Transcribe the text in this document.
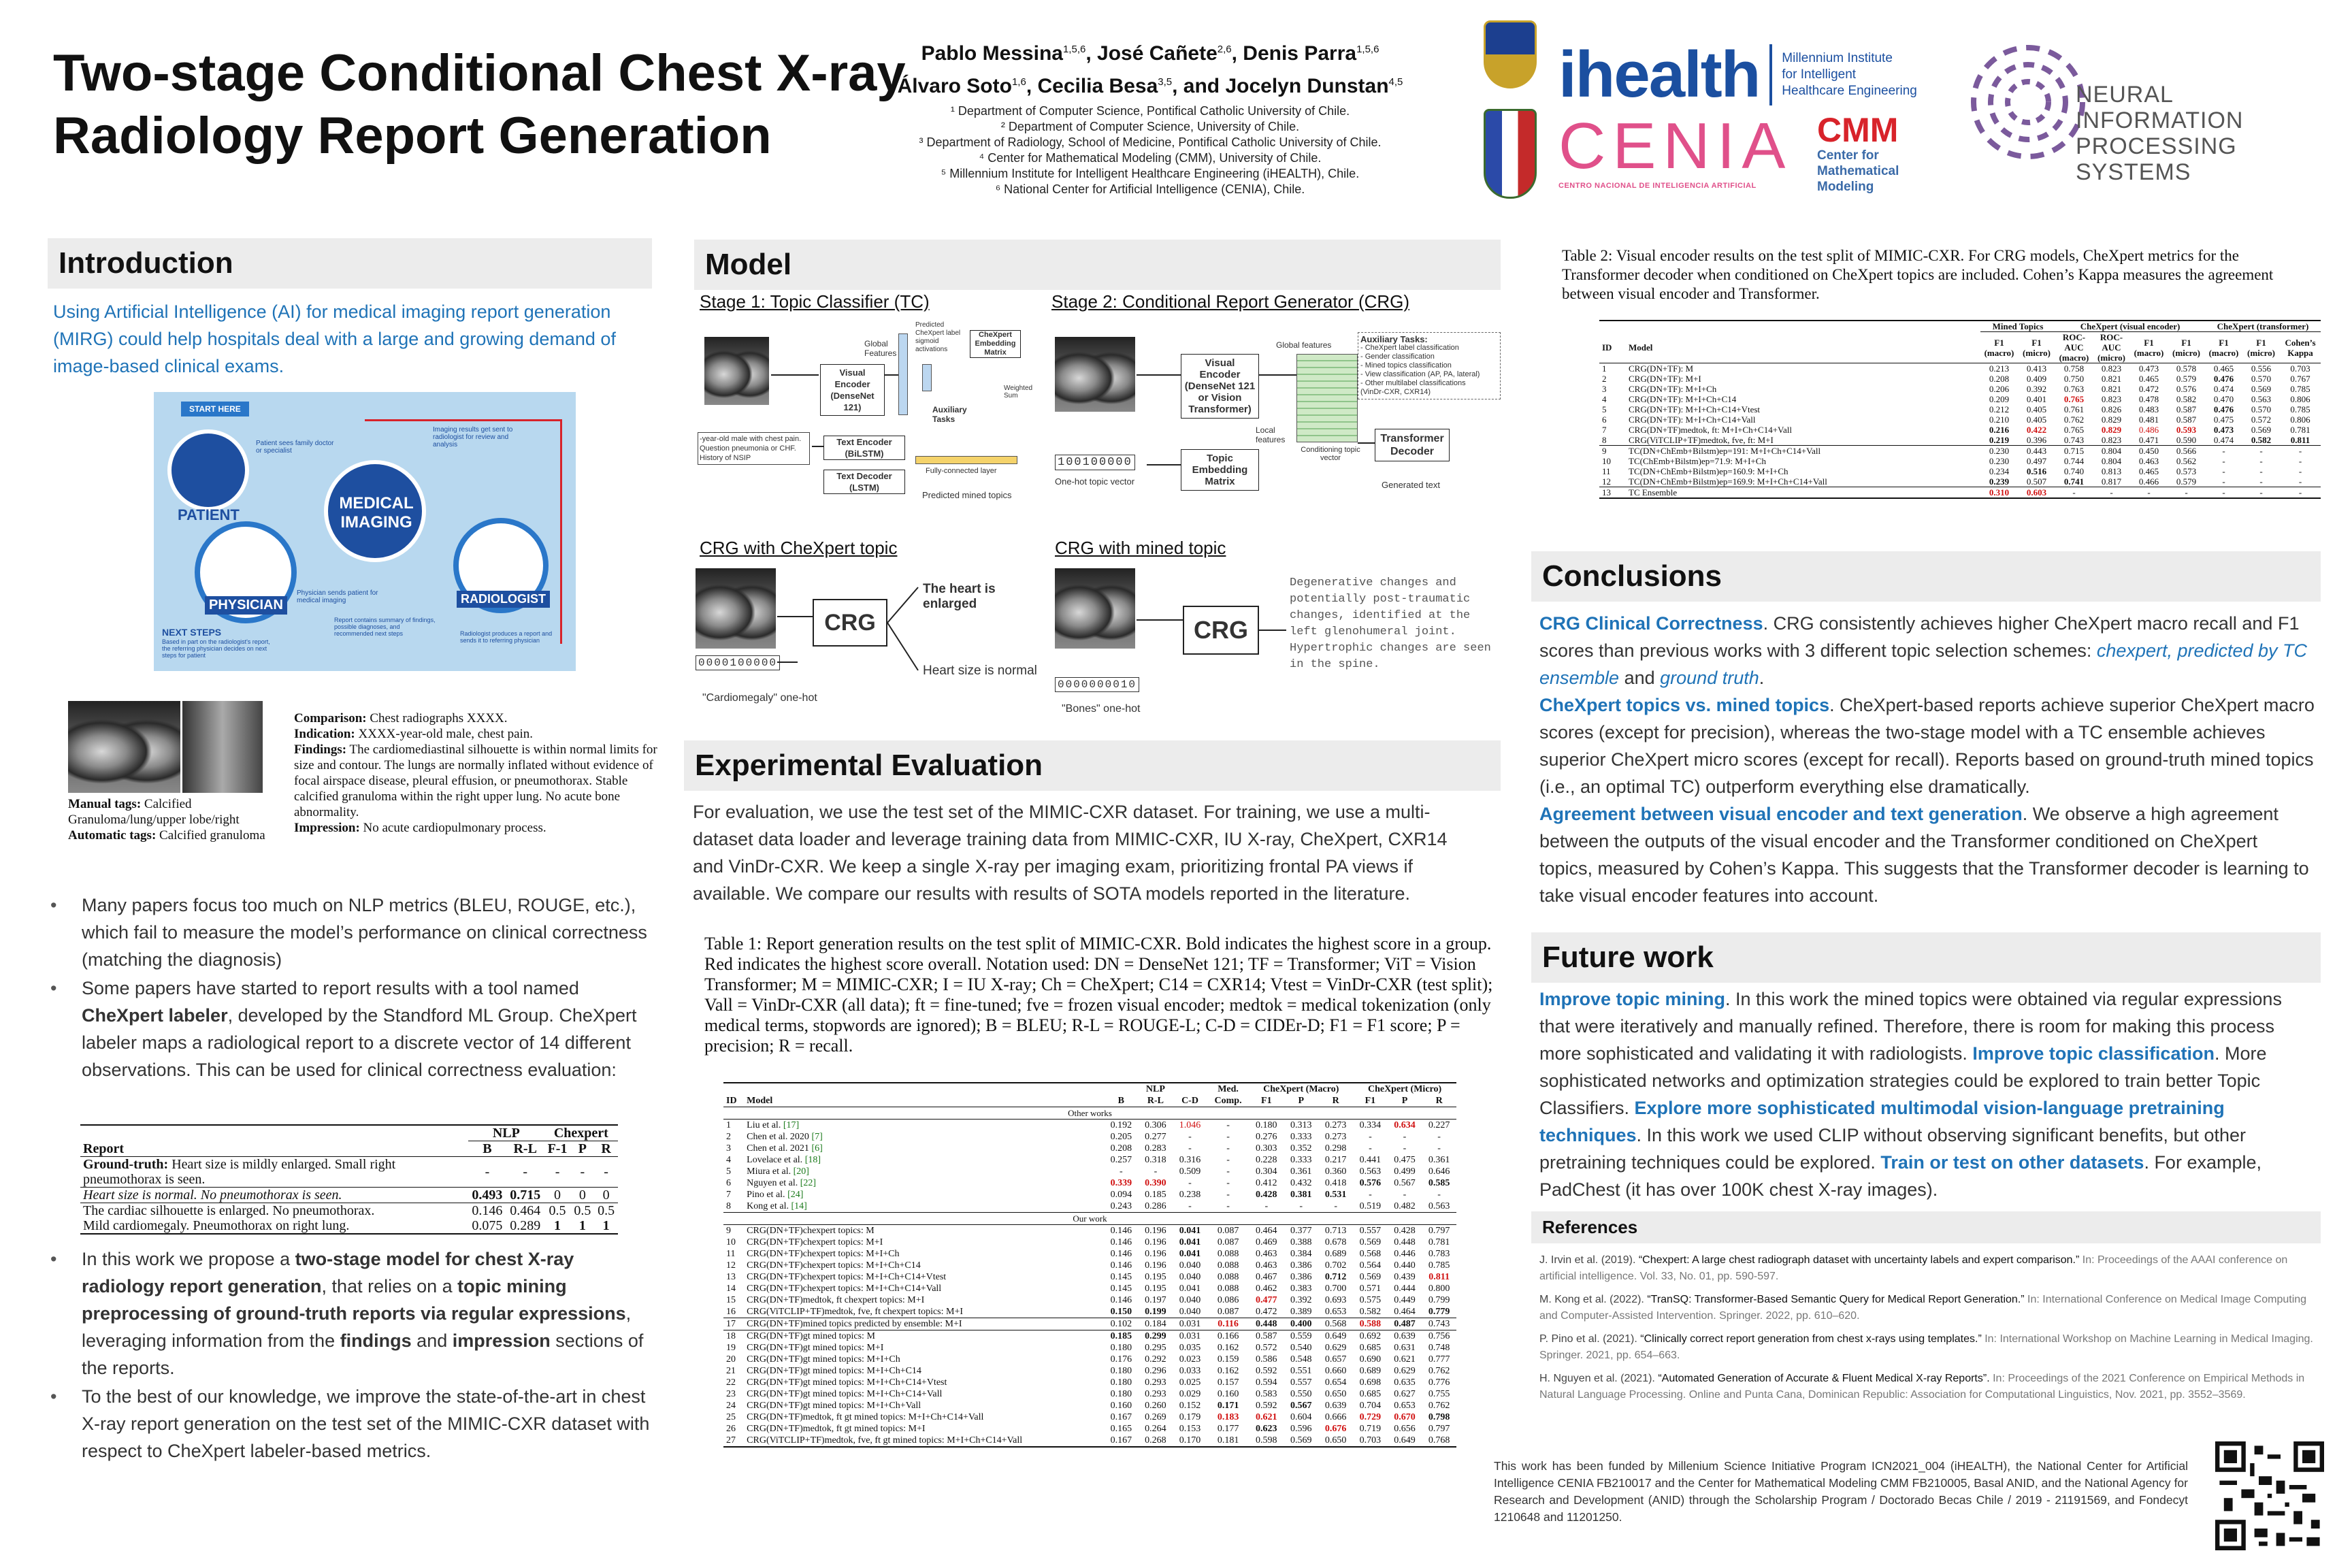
Two-stage Conditional Chest X-ray
Radiology Report Generation
Pablo Messina$^{1,5,6}$, José Cañete$^{2,6}$, Denis Parra$^{1,5,6}$
Álvaro Soto$^{1,6}$, Cecilia Besa$^{3,5}$, and Jocelyn Dunstan$^{4,5}$
¹ Department of Computer Science, Pontifical Catholic University of Chile.
² Department of Computer Science, University of Chile.
³ Department of Radiology, School of Medicine, Pontifical Catholic University of Chile.
⁴ Center for Mathematical Modeling (CMM), University of Chile.
⁵ Millennium Institute for Intelligent Healthcare Engineering (iHEALTH), Chile.
⁶ National Center for Artificial Intelligence (CENIA), Chile.
ihealth Millennium Institute
for Intelligent
Healthcare Engineering
CENIA
CENTRO NACIONAL DE INTELIGENCIA ARTIFICIAL
CMM
Center for
Mathematical
Modeling
NEURAL INFORMATION
PROCESSING SYSTEMS
Introduction
Using Artificial Intelligence (AI) for medical imaging report generation (MIRG) could help hospitals deal with a large and growing demand of image-based clinical exams.
START HERE
PATIENT
Patient sees family doctor or specialist
PHYSICIAN
Physician sends patient for medical imaging
NEXT STEPS
Based in part on the radiologist's report, the referring physician decides on next steps for patient
MEDICAL
IMAGING
Imaging results get sent to radiologist for review and analysis
RADIOLOGIST
Report contains summary of findings, possible diagnoses, and recommended next steps	Radiologist produces a report and sends it to referring physician
Manual tags: Calcified Granuloma/lung/upper lobe/right
Automatic tags: Calcified granuloma
Comparison: Chest radiographs XXXX.
Indication: XXXX-year-old male, chest pain.
Findings: The cardiomediastinal silhouette is within normal limits for size and contour. The lungs are normally inflated without evidence of focal airspace disease, pleural effusion, or pneumothorax. Stable calcified granuloma within the right upper lung. No acute bone abnormality.
Impression: No acute cardiopulmonary process.
• Many papers focus too much on NLP metrics (BLEU, ROUGE, etc.), which fail to measure the model’s performance on clinical correctness (matching the diagnosis)
• Some papers have started to report results with a tool named CheXpert labeler, developed by the Standford ML Group. CheXpert labeler maps a radiological report to a discrete vector of 14 different observations. This can be used for clinical correctness evaluation:
	NLP		Chexpert		
Report	B	R-L	F-1	P	R
Ground-truth: Heart size is mildly enlarged. Small right pneumothorax is seen.	-	-	-	-	-
Heart size is normal. No pneumothorax is seen.	0.493	0.715	0	0	0
The cardiac silhouette is enlarged. No pneumothorax.	0.146	0.464	0.5	0.5	0.5
Mild cardiomegaly. Pneumothorax on right lung.	0.075	0.289	1	1	1
• In this work we propose a two-stage model for chest X-ray radiology report generation, that relies on a topic mining preprocessing of ground-truth reports via regular expressions, leveraging information from the findings and impression sections of the reports.
• To the best of our knowledge, we improve the state-of-the-art in chest X-ray report generation on the test set of the MIMIC-CXR dataset with respect to CheXpert labeler-based metrics.
Model
Stage 1: Topic Classifier (TC)	Stage 2: Conditional Report Generator (CRG)
Visual Encoder (DenseNet 121)
Global Features
Predicted CheXpert label sigmoid activations
CheXpert Embedding Matrix
Weighted Sum
Auxiliary Tasks
-year-old male with chest pain. Question pneumonia or CHF. History of NSIP
Text Encoder (BiLSTM)
Text Decoder (LSTM)
Fully-connected layer
Predicted mined topics
Visual Encoder (DenseNet 121 or Vision Transformer)
Global features
Local features
Conditioning topic vector
Auxiliary Tasks:
- CheXpert label classification
- Gender classification
- Mined topics classification
- View classification (AP, PA, lateral)
- Other multilabel classifications
(VinDr-CXR, CXR14)
Transformer Decoder
Generated text
Topic Embedding Matrix
100100000
One-hot topic vector
CRG with CheXpert topic	CRG with mined topic
0000100000
"Cardiomegaly" one-hot
CRG
The heart is enlarged
Heart size is normal
0000000010
"Bones" one-hot
CRG
Degenerative changes and potentially post-traumatic changes, identified at the left glenohumeral joint. Hypertrophic changes are seen in the spine.
Experimental Evaluation
For evaluation, we use the test set of the MIMIC-CXR dataset. For training, we use a multi-dataset data loader and leverage training data from MIMIC-CXR, IU X-ray, CheXpert, CXR14 and VinDr-CXR. We keep a single X-ray per imaging exam, prioritizing frontal PA views if available. We compare our results with results of SOTA models reported in the literature.
Table 1: Report generation results on the test split of MIMIC-CXR. Bold indicates the highest score in a group. Red indicates the highest score overall. Notation used: DN = DenseNet 121; TF = Transformer; ViT = Vision Transformer; M = MIMIC-CXR; I = IU X-ray; Ch = CheXpert; C14 = CXR14; Vtest = VinDr-CXR (test split); Vall = VinDr-CXR (all data); ft = fine-tuned; fve = frozen visual encoder; medtok = medical tokenization (only medical terms, stopwords are ignored); B = BLEU; R-L = ROUGE-L; C-D = CIDEr-D; F1 = F1 score; P = precision; R = recall.
		NLP			Med.	CheXpert (Macro)			CheXpert (Micro)		
ID	Model	B	R-L	C-D	Comp.	F1	P	R	F1	P	R
Other works											
1	Liu et al. [17]	0.192	0.306	1.046	-	0.180	0.313	0.273	0.334	0.634	0.227
2	Chen et al. 2020 [7]	0.205	0.277	-	-	0.276	0.333	0.273	-	-	-
3	Chen et al. 2021 [6]	0.208	0.283	-	-	0.303	0.352	0.298	-	-	-
4	Lovelace et al. [18]	0.257	0.318	0.316	-	0.228	0.333	0.217	0.441	0.475	0.361
5	Miura et al. [20]	-	-	0.509	-	0.304	0.361	0.360	0.563	0.499	0.646
6	Nguyen et al. [22]	0.339	0.390	-	-	0.412	0.432	0.418	0.576	0.567	0.585
7	Pino et al. [24]	0.094	0.185	0.238	-	0.428	0.381	0.531	-	-	-
8	Kong et al. [14]	0.243	0.286	-	-	-	-	-	0.519	0.482	0.563
Our work											
9	CRG(DN+TF)chexpert topics: M	0.146	0.196	0.041	0.087	0.464	0.377	0.713	0.557	0.428	0.797
10	CRG(DN+TF)chexpert topics: M+I	0.146	0.196	0.041	0.087	0.469	0.388	0.678	0.569	0.448	0.781
11	CRG(DN+TF)chexpert topics: M+I+Ch	0.146	0.196	0.041	0.088	0.463	0.384	0.689	0.568	0.446	0.783
12	CRG(DN+TF)chexpert topics: M+I+Ch+C14	0.146	0.196	0.040	0.088	0.463	0.386	0.702	0.564	0.440	0.785
13	CRG(DN+TF)chexpert topics: M+I+Ch+C14+Vtest	0.145	0.195	0.040	0.088	0.467	0.386	0.712	0.569	0.439	0.811
14	CRG(DN+TF)chexpert topics: M+I+Ch+C14+Vall	0.145	0.195	0.041	0.088	0.462	0.383	0.700	0.571	0.444	0.800
15	CRG(DN+TF)medtok, ft chexpert topics: M+I	0.146	0.197	0.040	0.086	0.477	0.392	0.693	0.575	0.449	0.799
16	CRG(ViTCLIP+TF)medtok, fve, ft chexpert topics: M+I	0.150	0.199	0.040	0.087	0.472	0.389	0.653	0.582	0.464	0.779
17	CRG(DN+TF)mined topics predicted by ensemble: M+I	0.102	0.184	0.031	0.116	0.448	0.400	0.568	0.588	0.487	0.743
18	CRG(DN+TF)gt mined topics: M	0.185	0.299	0.031	0.166	0.587	0.559	0.649	0.692	0.639	0.756
19	CRG(DN+TF)gt mined topics: M+I	0.180	0.295	0.035	0.162	0.572	0.540	0.629	0.685	0.631	0.748
20	CRG(DN+TF)gt mined topics: M+I+Ch	0.176	0.292	0.023	0.159	0.586	0.548	0.657	0.690	0.621	0.777
21	CRG(DN+TF)gt mined topics: M+I+Ch+C14	0.180	0.296	0.033	0.162	0.592	0.551	0.660	0.689	0.629	0.762
22	CRG(DN+TF)gt mined topics: M+I+Ch+C14+Vtest	0.180	0.293	0.025	0.157	0.594	0.557	0.654	0.698	0.635	0.776
23	CRG(DN+TF)gt mined topics: M+I+Ch+C14+Vall	0.180	0.293	0.029	0.160	0.583	0.550	0.650	0.685	0.627	0.755
24	CRG(DN+TF)gt mined topics: M+I+Ch+Vall	0.160	0.260	0.152	0.171	0.592	0.567	0.639	0.704	0.653	0.762
25	CRG(DN+TF)medtok, ft gt mined topics: M+I+Ch+C14+Vall	0.167	0.269	0.179	0.183	0.621	0.604	0.666	0.729	0.670	0.798
26	CRG(DN+TF)medtok, ft gt mined topics: M+I	0.165	0.264	0.153	0.177	0.623	0.596	0.676	0.719	0.656	0.797
27	CRG(ViTCLIP+TF)medtok, fve, ft gt mined topics: M+I+Ch+C14+Vall	0.167	0.268	0.170	0.181	0.598	0.569	0.650	0.703	0.649	0.768
Table 2: Visual encoder results on the test split of MIMIC-CXR. For CRG models, CheXpert metrics for the Transformer decoder when conditioned on CheXpert topics are included. Cohen’s Kappa measures the agreement between visual encoder and Transformer.
		Mined Topics		CheXpert (visual encoder)				CheXpert (transformer)		
ID	Model	F1 (macro)	F1 (micro)	ROC-AUC (macro)	ROC-AUC (micro)	F1 (macro)	F1 (micro)	F1 (macro)	F1 (micro)	Cohen’s Kappa
1	CRG(DN+TF): M	0.213	0.413	0.758	0.823	0.473	0.578	0.465	0.556	0.703
2	CRG(DN+TF): M+I	0.208	0.409	0.750	0.821	0.465	0.579	0.476	0.570	0.767
3	CRG(DN+TF): M+I+Ch	0.206	0.392	0.763	0.821	0.472	0.576	0.474	0.569	0.785
4	CRG(DN+TF): M+I+Ch+C14	0.209	0.401	0.765	0.823	0.478	0.582	0.470	0.563	0.806
5	CRG(DN+TF): M+I+Ch+C14+Vtest	0.212	0.405	0.761	0.826	0.483	0.587	0.476	0.570	0.785
6	CRG(DN+TF): M+I+Ch+C14+Vall	0.210	0.405	0.762	0.829	0.481	0.587	0.475	0.572	0.806
7	CRG(DN+TF)medtok, ft: M+I+Ch+C14+Vall	0.216	0.422	0.765	0.829	0.486	0.593	0.473	0.569	0.781
8	CRG(ViTCLIP+TF)medtok, fve, ft: M+I	0.219	0.396	0.743	0.823	0.471	0.590	0.474	0.582	0.811
9	TC(DN+ChEmb+Bilstm)ep=191: M+I+Ch+C14+Vall	0.230	0.443	0.715	0.804	0.450	0.566	-	-	-
10	TC(ChEmb+Bilstm)ep=71.9: M+I+Ch	0.230	0.497	0.744	0.804	0.463	0.562	-	-	-
11	TC(DN+ChEmb+Bilstm)ep=160.9: M+I+Ch	0.234	0.516	0.740	0.813	0.465	0.573	-	-	-
12	TC(DN+ChEmb+Bilstm)ep=169.9: M+I+Ch+C14+Vall	0.239	0.507	0.741	0.817	0.466	0.579	-	-	-
13	TC Ensemble	0.310	0.603	-	-	-	-	-	-	-
Conclusions
CRG Clinical Correctness. CRG consistently achieves higher CheXpert macro recall and F1 scores than previous works with 3 different topic selection schemes: chexpert, predicted by TC ensemble and ground truth.
CheXpert topics vs. mined topics. CheXpert-based reports achieve superior CheXpert macro scores (except for precision), whereas the two-stage model with a TC ensemble achieves superior CheXpert micro scores (except for recall). Reports based on ground-truth mined topics (i.e., an optimal TC) outperform everything else dramatically.
Agreement between visual encoder and text generation. We observe a high agreement between the outputs of the visual encoder and the Transformer conditioned on CheXpert topics, measured by Cohen’s Kappa. This suggests that the Transformer decoder is learning to take visual encoder features into account.
Future work
Improve topic mining. In this work the mined topics were obtained via regular expressions that were iteratively and manually refined. Therefore, there is room for making this process more sophisticated and validating it with radiologists. Improve topic classification. More sophisticated networks and optimization strategies could be explored to train better Topic Classifiers. Explore more sophisticated multimodal vision-language pretraining techniques. In this work we used CLIP without observing significant benefits, but other pretraining techniques could be explored. Train or test on other datasets. For example, PadChest (it has over 100K chest X-ray images).
References
J. Irvin et al. (2019). “Chexpert: A large chest radiograph dataset with uncertainty labels and expert comparison.” In: Proceedings of the AAAI conference on artificial intelligence. Vol. 33, No. 01, pp. 590-597.
M. Kong et al. (2022). “TranSQ: Transformer-Based Semantic Query for Medical Report Generation.” In: International Conference on Medical Image Computing and Computer-Assisted Intervention. Springer. 2022, pp. 610–620.
P. Pino et al. (2021). “Clinically correct report generation from chest x-rays using templates.” In: International Workshop on Machine Learning in Medical Imaging. Springer. 2021, pp. 654–663.
H. Nguyen et al. (2021). “Automated Generation of Accurate & Fluent Medical X-ray Reports”. In: Proceedings of the 2021 Conference on Empirical Methods in Natural Language Processing. Online and Punta Cana, Dominican Republic: Association for Computational Linguistics, Nov. 2021, pp. 3552–3569.
This work has been funded by Millenium Science Initiative Program ICN2021_004 (iHEALTH), the National Center for Artificial Intelligence CENIA FB210017 and the Center for Mathematical Modeling CMM FB210005, Basal ANID, and the National Agency for Research and Development (ANID) through the Scholarship Program / Doctorado Becas Chile / 2019 - 21191569, and Fondecyt 1210648 and 11201250.
